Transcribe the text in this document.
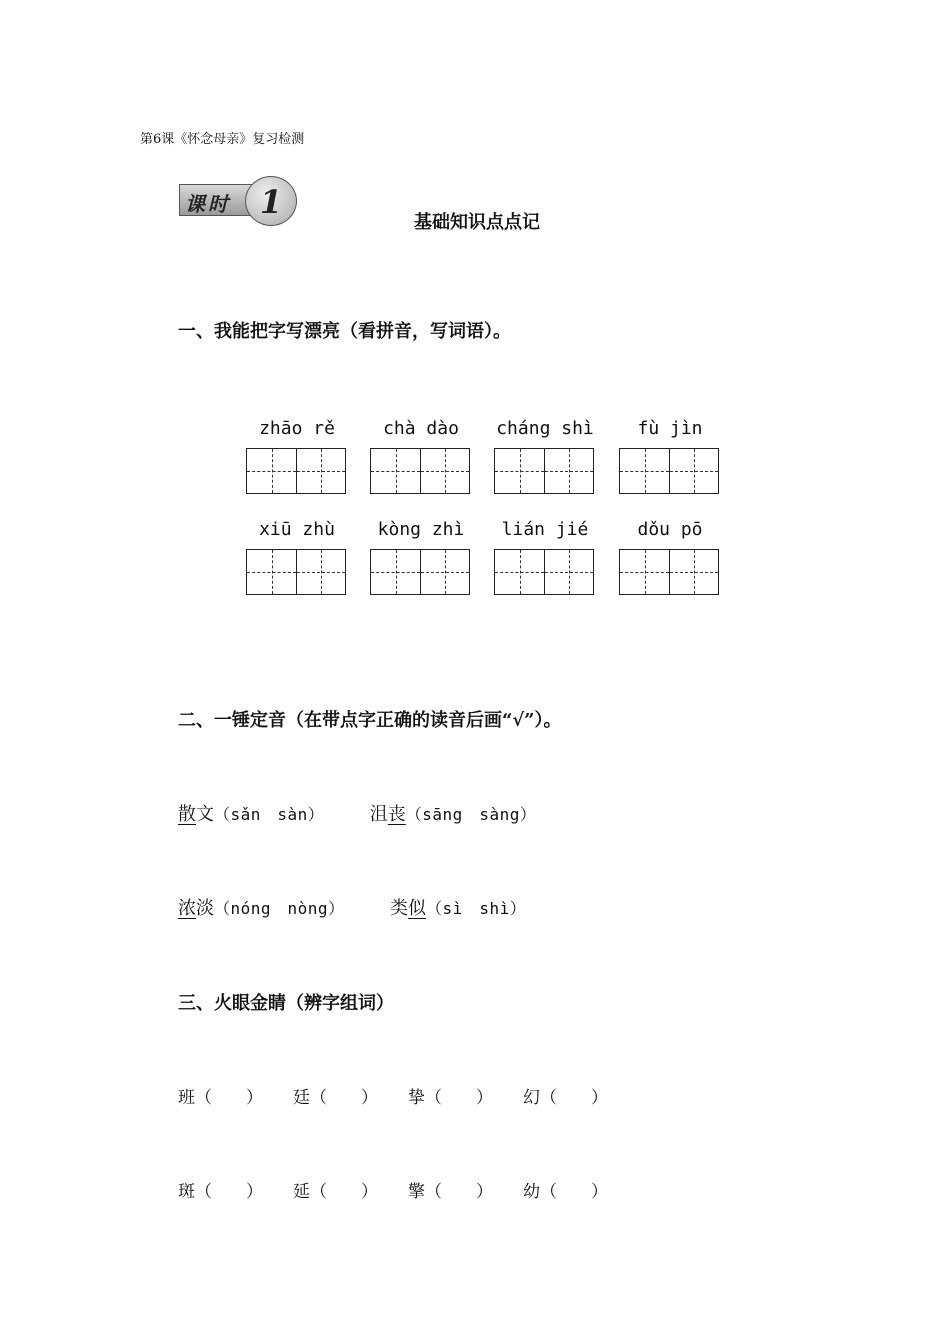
第6课《怀念母亲》复习检测
课时 1
基础知识点点记
一、我能把字写漂亮（看拼音，写词语）。
zhāo rě	chà dào	cháng shì	fù jìn
xiū zhù	kòng zhì	lián jié	dǒu pō
二、一锤定音（在带点字正确的读音后画“√”）。
散文（sǎn　sàn）	沮丧（sāng　sàng）
浓淡（nóng　nòng）	类似（sì　shì）
三、火眼金睛（辨字组词）
班（　　） 廷（　　） 挚（　　） 幻（　　）
斑（　　） 延（　　） 擎（　　） 幼（　　）
